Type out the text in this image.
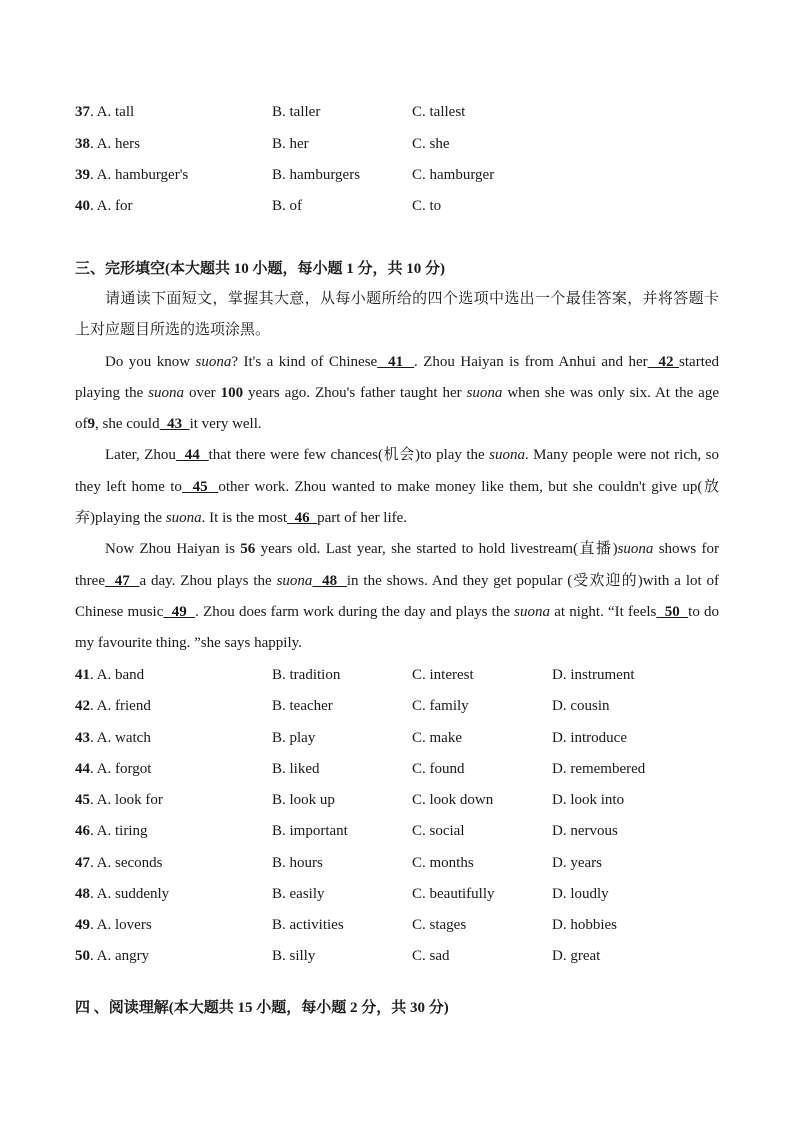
37. A. tall	B. taller	C. tallest
38. A. hers	B. her	C. she
39. A. hamburger's	B. hamburgers	C. hamburger
40. A. for	B. of	C. to
三、完形填空(本大题共 10 小题，每小题 1 分，共 10 分)

请通读下面短文，掌握其大意，从每小题所给的四个选项中选出一个最佳答案，并将答题卡上对应题目所选的选项涂黑。

Do you know suona? It's a kind of Chinese  41  . Zhou Haiyan is from Anhui and her  42 started playing the suona over 100 years ago. Zhou's father taught her suona when she was only six. At the age of9, she could  43  it very well.

Later, Zhou  44  that there were few chances(机会)to play the suona. Many people were not rich, so they left home to  45  other work. Zhou wanted to make money like them, but she couldn't give up(放弃)playing the suona. It is the most  46  part of her life.

Now Zhou Haiyan is 56 years old. Last year, she started to hold livestream(直播)suona shows for three  47  a day. Zhou plays the suona  48  in the shows. And they get popular (受欢迎的)with a lot of Chinese music  49  . Zhou does farm work during the day and plays the suona at night. “It feels  50  to do my favourite thing. ”she says happily.

41. A. band	B. tradition	C. interest	D. instrument
42. A. friend	B. teacher	C. family	D. cousin
43. A. watch	B. play	C. make	D. introduce
44. A. forgot	B. liked	C. found	D. remembered
45. A. look for	B. look up	C. look down	D. look into
46. A. tiring	B. important	C. social	D. nervous
47. A. seconds	B. hours	C. months	D. years
48. A. suddenly	B. easily	C. beautifully	D. loudly
49. A. lovers	B. activities	C. stages	D. hobbies
50. A. angry	B. silly	C. sad	D. great
四 、阅读理解(本大题共 15 小题，每小题 2 分，共 30 分)
